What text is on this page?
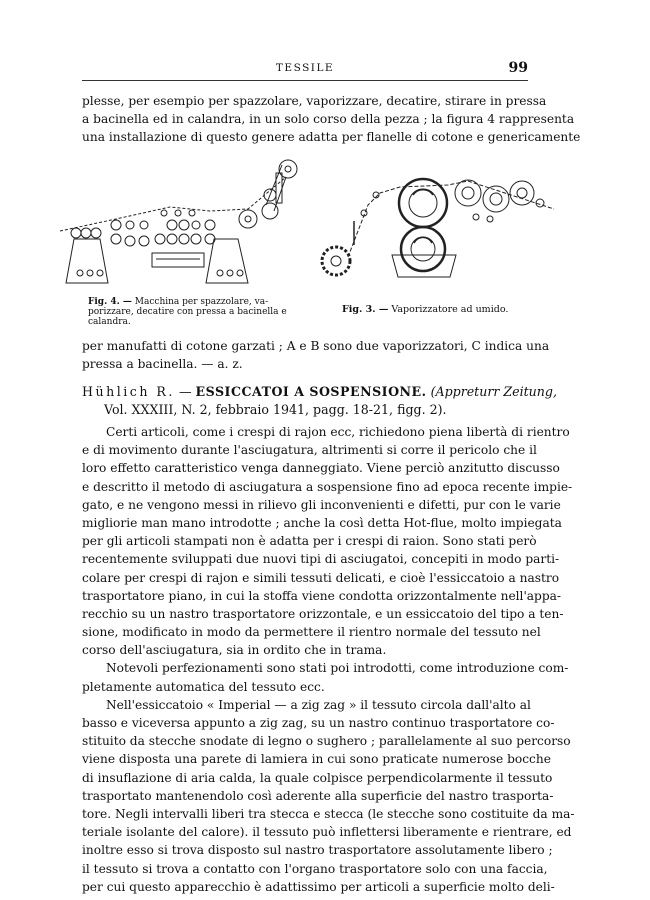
TESSILE	99
plesse, per esempio per spazzolare, vaporizzare, decatire, stirare in pressa
a bacinella ed in calandra, in un solo corso della pezza ; la figura 4 rappresenta
una installazione di questo genere adatta per flanelle di cotone e genericamente
Fig. 4. — Macchina per spazzolare, va-
porizzare, decatire con pressa a bacinella e
calandra.
Fig. 3. — Vaporizzatore ad umido.
per manufatti di cotone garzati ; A e B sono due vaporizzatori, C indica una
pressa a bacinella. — a. z.
Hühlich R. — ESSICCATOI A SOSPENSIONE. (Appreturr Zeitung,
Vol. XXXIII, N. 2, febbraio 1941, pagg. 18-21, figg. 2).
Certi articoli, come i crespi di rajon ecc, richiedono piena libertà di rientro
e di movimento durante l'asciugatura, altrimenti si corre il pericolo che il
loro effetto caratteristico venga danneggiato. Viene perciò anzitutto discusso
e descritto il metodo di asciugatura a sospensione fino ad epoca recente impie-
gato, e ne vengono messi in rilievo gli inconvenienti e difetti, pur con le varie
migliorie man mano introdotte ; anche la così detta Hot-flue, molto impiegata
per gli articoli stampati non è adatta per i crespi di raion. Sono stati però
recentemente sviluppati due nuovi tipi di asciugatoi, concepiti in modo parti-
colare per crespi di rajon e simili tessuti delicati, e cioè l'essiccatoio a nastro
trasportatore piano, in cui la stoffa viene condotta orizzontalmente nell'appa-
recchio su un nastro trasportatore orizzontale, e un essiccatoio del tipo a ten-
sione, modificato in modo da permettere il rientro normale del tessuto nel
corso dell'asciugatura, sia in ordito che in trama.
Notevoli perfezionamenti sono stati poi introdotti, come introduzione com-
pletamente automatica del tessuto ecc.
Nell'essiccatoio « Imperial — a zig zag » il tessuto circola dall'alto al
basso e viceversa appunto a zig zag, su un nastro continuo trasportatore co-
stituito da stecche snodate di legno o sughero ; parallelamente al suo percorso
viene disposta una parete di lamiera in cui sono praticate numerose bocche
di insuflazione di aria calda, la quale colpisce perpendicolarmente il tessuto
trasportato mantenendolo così aderente alla superficie del nastro trasporta-
tore. Negli intervalli liberi tra stecca e stecca (le stecche sono costituite da ma-
teriale isolante del calore). il tessuto può inflettersi liberamente e rientrare, ed
inoltre esso si trova disposto sul nastro trasportatore assolutamente libero ;
il tessuto si trova a contatto con l'organo trasportatore solo con una faccia,
per cui questo apparecchio è adattissimo per articoli a superficie molto deli-
